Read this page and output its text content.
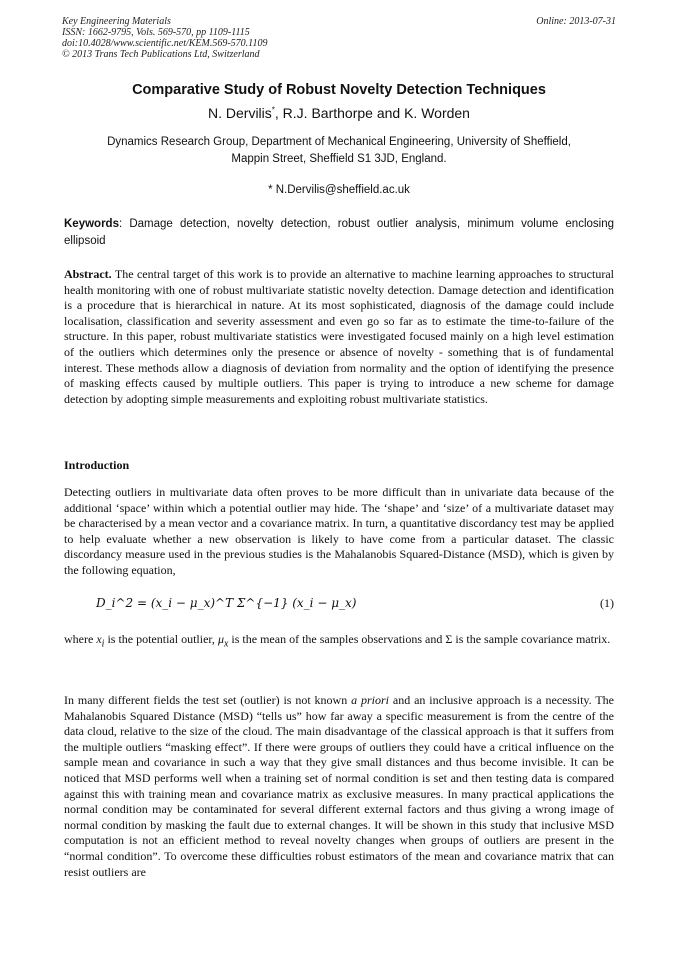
Key Engineering Materials
ISSN: 1662-9795, Vols. 569-570, pp 1109-1115
doi:10.4028/www.scientific.net/KEM.569-570.1109
© 2013 Trans Tech Publications Ltd, Switzerland
Online: 2013-07-31
Comparative Study of Robust Novelty Detection Techniques
N. Dervilis*, R.J. Barthorpe and K. Worden
Dynamics Research Group, Department of Mechanical Engineering, University of Sheffield,
Mappin Street, Sheffield S1 3JD, England.
* N.Dervilis@sheffield.ac.uk
Keywords: Damage detection, novelty detection, robust outlier analysis, minimum volume enclosing ellipsoid
Abstract. The central target of this work is to provide an alternative to machine learning approaches to structural health monitoring with one of robust multivariate statistic novelty detection. Damage detection and identification is a procedure that is hierarchical in nature. At its most sophisticated, diagnosis of the damage could include localisation, classification and severity assessment and even go so far as to estimate the time-to-failure of the structure. In this paper, robust multivariate statistics were investigated focused mainly on a high level estimation of the outliers which determines only the presence or absence of novelty - something that is of fundamental interest. These methods allow a diagnosis of deviation from normality and the option of identifying the presence of masking effects caused by multiple outliers. This paper is trying to introduce a new scheme for damage detection by adopting simple measurements and exploiting robust multivariate statistics.
Introduction
Detecting outliers in multivariate data often proves to be more difficult than in univariate data because of the additional ‘space’ within which a potential outlier may hide. The ‘shape’ and ‘size’ of a multivariate dataset may be characterised by a mean vector and a covariance matrix. In turn, a quantitative discordancy test may be applied to help evaluate whether a new observation is likely to have come from a particular dataset. The classic discordancy measure used in the previous studies is the Mahalanobis Squared-Distance (MSD), which is given by the following equation,
D_i^2 = (x_i − μ_x)^T Σ^{−1} (x_i − μ_x)	(1)
where $x_i$ is the potential outlier, $\mu_x$ is the mean of the samples observations and Σ is the sample covariance matrix.
In many different fields the test set (outlier) is not known a priori and an inclusive approach is a necessity. The Mahalanobis Squared Distance (MSD) “tells us” how far away a specific measurement is from the centre of the data cloud, relative to the size of the cloud. The main disadvantage of the classical approach is that it suffers from the multiple outliers “masking effect”. If there were groups of outliers they could have a critical influence on the sample mean and covariance in such a way that they give small distances and thus become invisible. It can be noticed that MSD performs well when a training set of normal condition is set and then testing data is compared against this with training mean and covariance matrix as exclusive measures. In many practical applications the normal condition may be contaminated for several different external factors and thus giving a wrong image of normal condition by masking the fault due to external changes. It will be shown in this study that inclusive MSD computation is not an efficient method to reveal novelty changes when groups of outliers are present in the “normal condition”. To overcome these difficulties robust estimators of the mean and covariance matrix that can resist outliers are
